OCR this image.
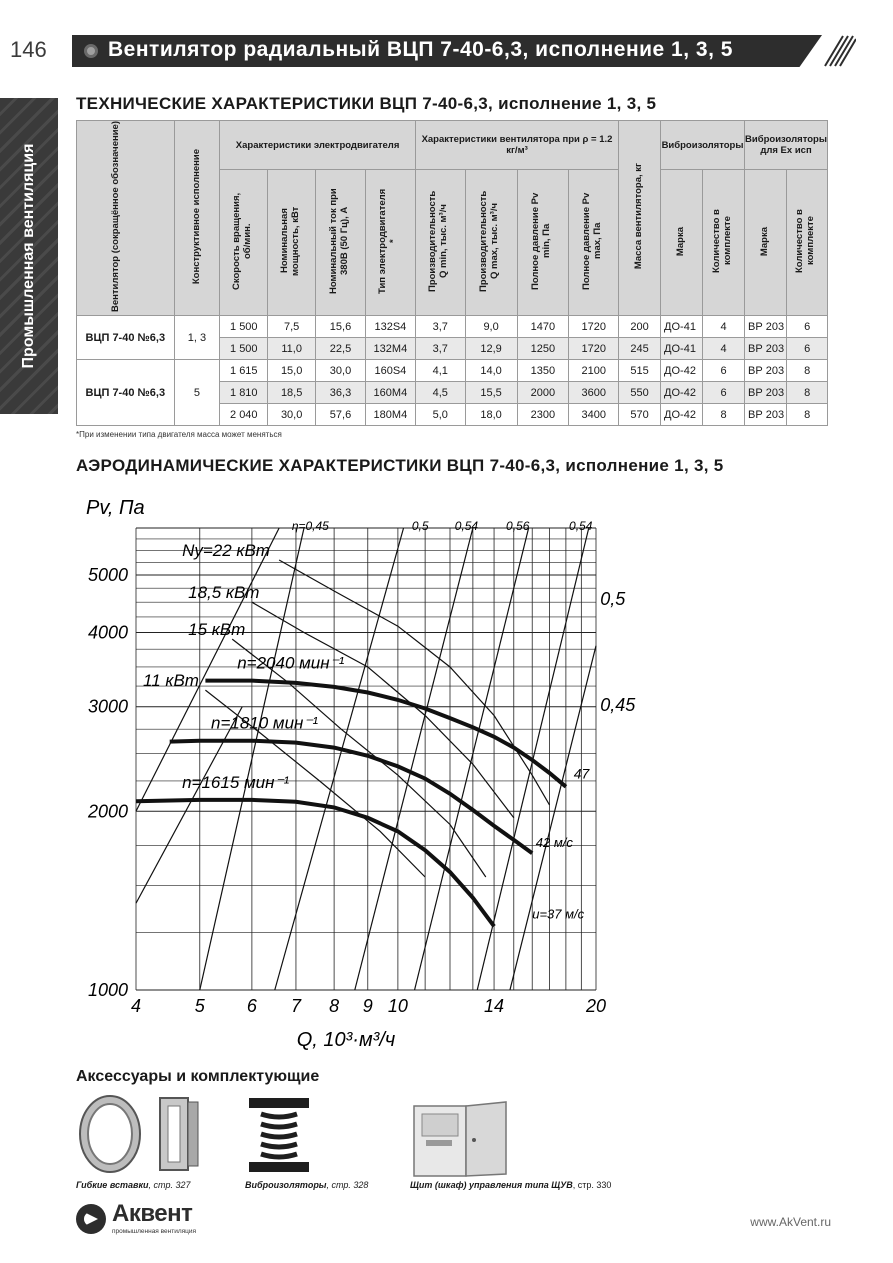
146	Вентилятор радиальный ВЦП 7-40-6,3, исполнение 1, 3, 5
Промышленная вентиляция
ТЕХНИЧЕСКИЕ ХАРАКТЕРИСТИКИ ВЦП 7-40-6,3, исполнение 1, 3, 5
Вентилятор (сокращённое обозначение)	Конструктивное исполнение	Характеристики электродвигателя				Характеристики вентилятора при ρ = 1.2 кг/м³				Масса вентилятора, кг	Виброизоляторы		Виброизоляторы для Ex исп	
		Скорость вращения, об/мин.	Номинальная мощность, кВт	Номинальный ток при 380В (50 Гц), А	Тип электродвигателя *	Производительность Q min, тыс. м³/ч	Производительность Q max, тыс. м³/ч	Полное давление Pv min, Па	Полное давление Pv max, Па		Марка	Количество в комплекте	Марка	Количество в комплекте
ВЦП 7-40 №6,3	1, 3	1 500	7,5	15,6	132S4	3,7	9,0	1470	1720	200	ДО-41	4	ВР 203	6
		1 500	11,0	22,5	132M4	3,7	12,9	1250	1720	245	ДО-41	4	ВР 203	6
ВЦП 7-40 №6,3	5	1 615	15,0	30,0	160S4	4,1	14,0	1350	2100	515	ДО-42	6	ВР 203	8
		1 810	18,5	36,3	160M4	4,5	15,5	2000	3600	550	ДО-42	6	ВР 203	8
		2 040	30,0	57,6	180M4	5,0	18,0	2300	3400	570	ДО-42	8	ВР 203	8
*При изменении типа двигателя масса может меняться
АЭРОДИНАМИЧЕСКИЕ ХАРАКТЕРИСТИКИ ВЦП 7-40-6,3, исполнение 1, 3, 5
4	5 6 7 8 9 10	14	20
1000
2000
3000
4000
5000
Pv, Па
Q, 10³·м³/ч
Ny=22 кВт
18,5 кВт
15 кВт
11 кВт
n=1615 мин⁻¹
n=1810 мин⁻¹
n=2040 мин⁻¹
η=0,45	0,5 0,54 0,56	0,54
0,5
0,45
47
42 м/с
u=37 м/с
Аксессуары и комплектующие
Гибкие вставки, стр. 327	Виброизоляторы, стр. 328	Щит (шкаф) управления типа ЩУВ, стр. 330
Аквент
промышленная вентиляция
www.AkVent.ru
